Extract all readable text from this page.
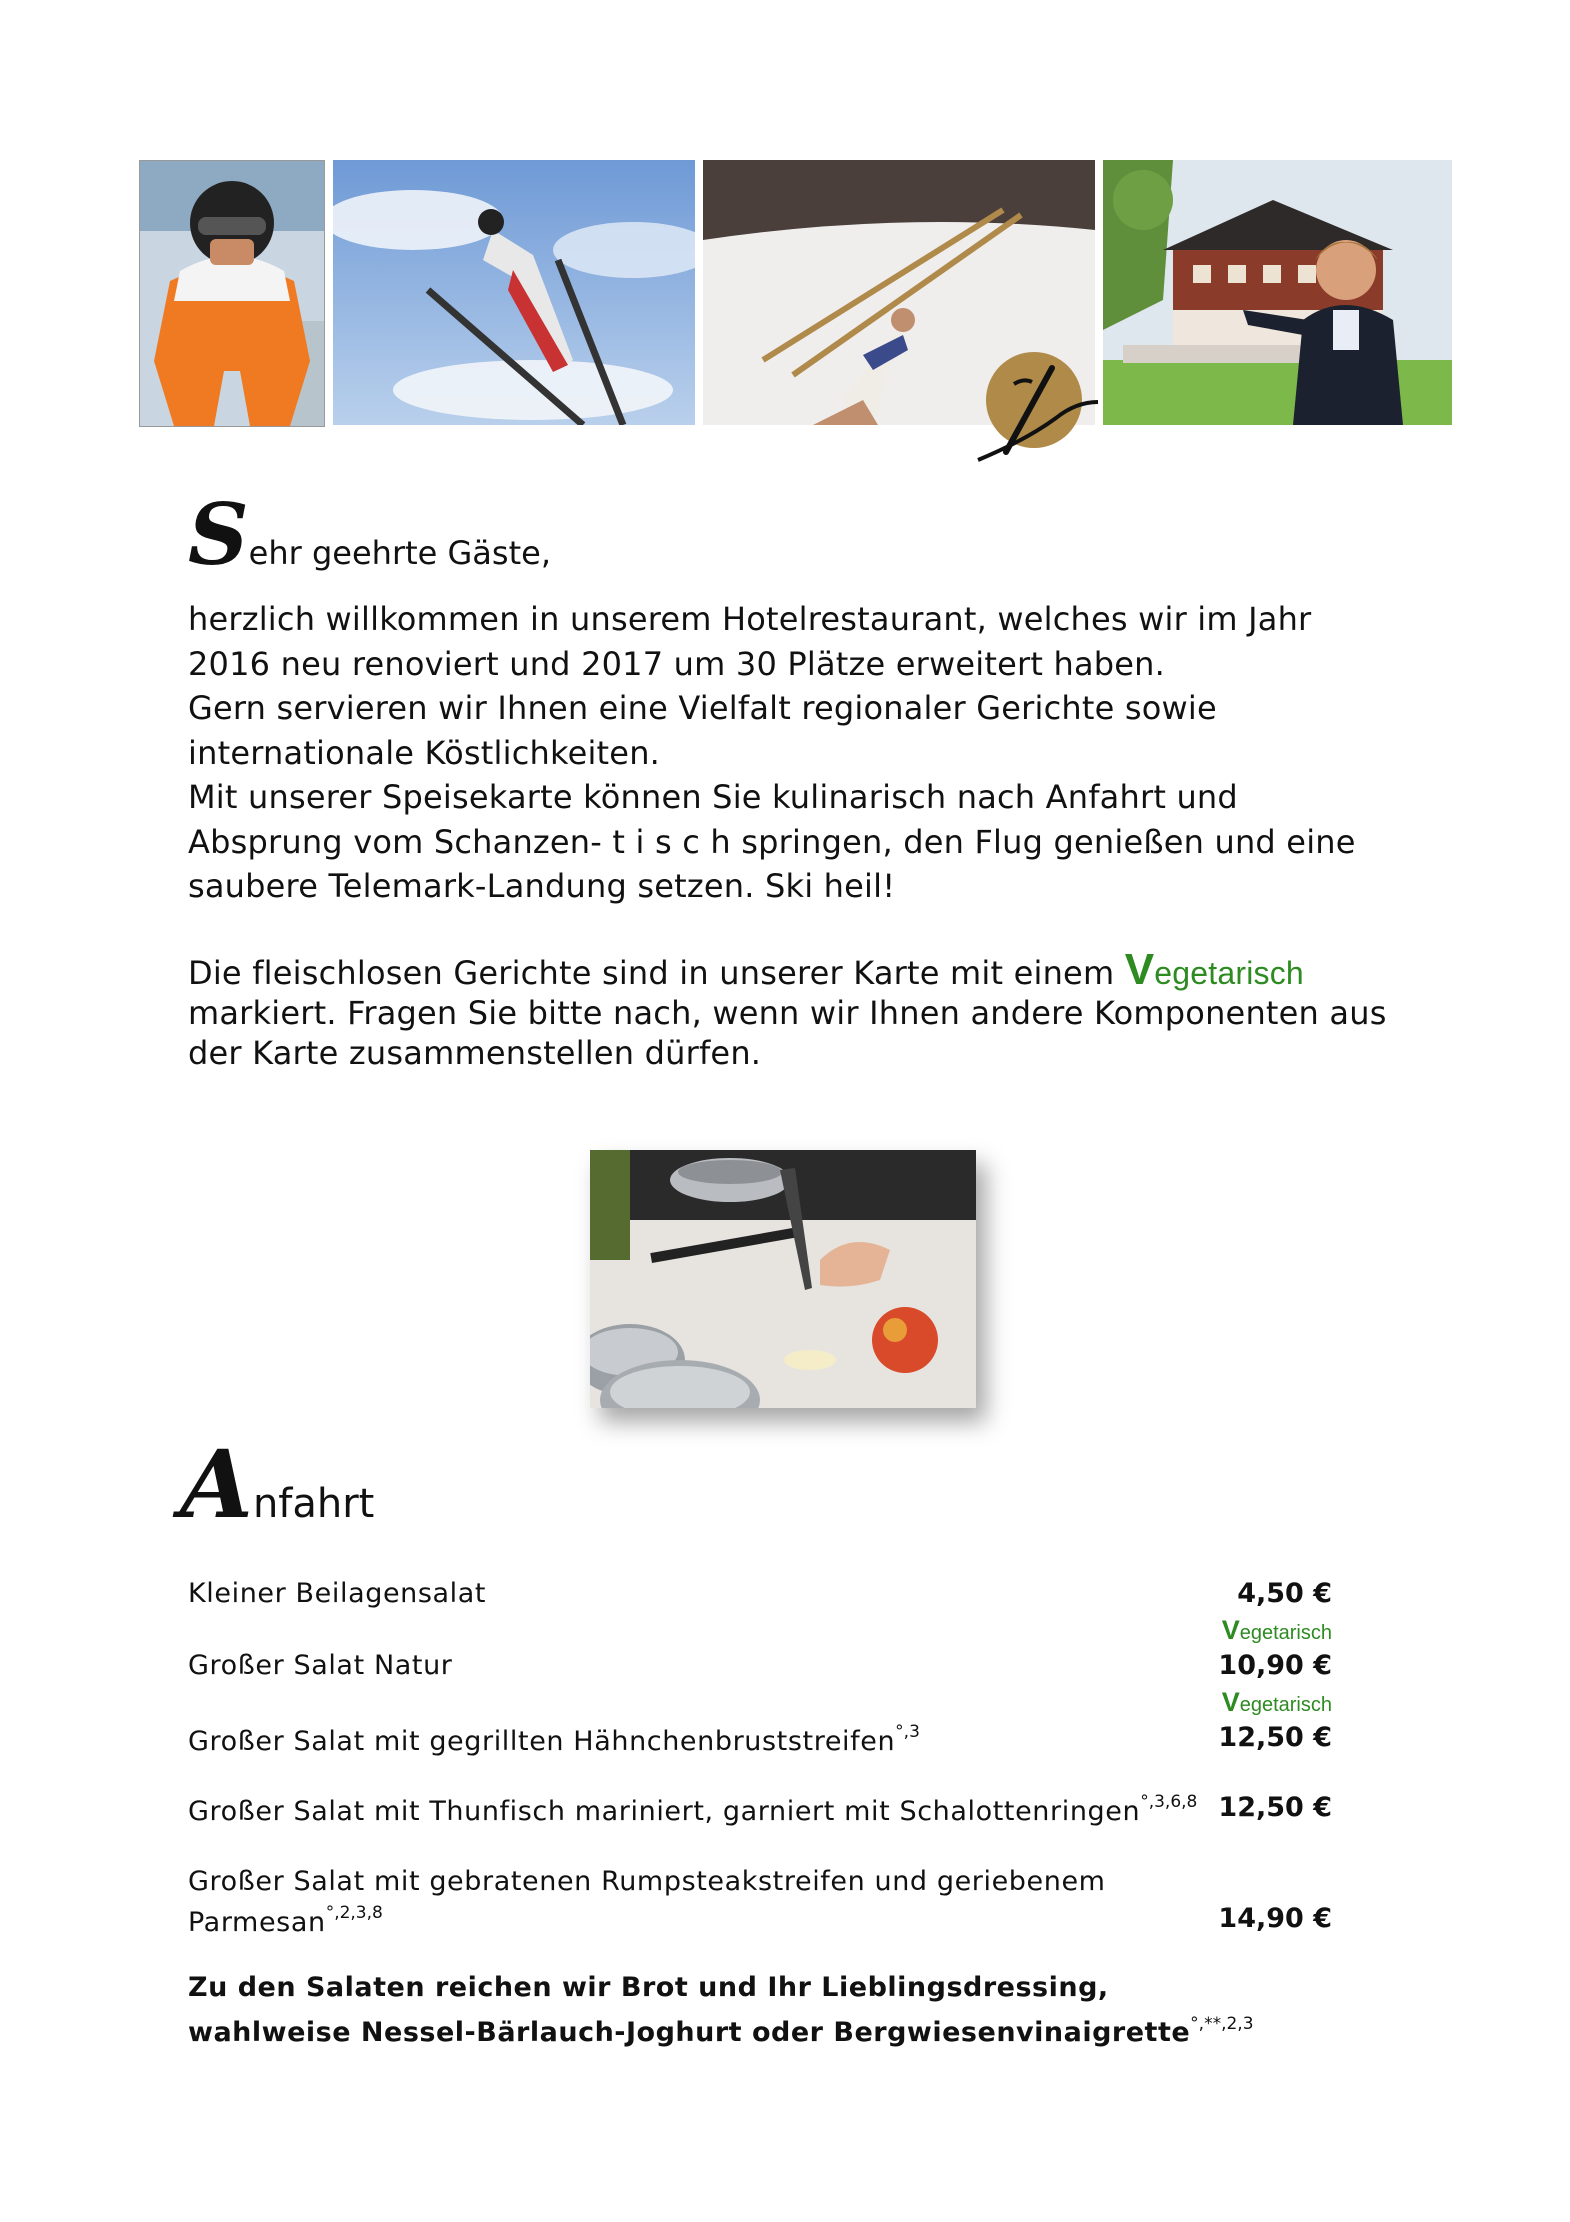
Sehr geehrte Gäste,

herzlich willkommen in unserem Hotelrestaurant, welches wir im Jahr

2016 neu renoviert und 2017 um 30 Plätze erweitert haben.

Gern servieren wir Ihnen eine Vielfalt regionaler Gerichte sowie

internationale Köstlichkeiten.

Mit unserer Speisekarte können Sie kulinarisch nach Anfahrt und

Absprung vom Schanzen- t i s c h springen, den Flug genießen und eine

saubere Telemark-Landung setzen. Ski heil!

Die fleischlosen Gerichte sind in unserer Karte mit einem Vegetarisch
markiert. Fragen Sie bitte nach, wenn wir Ihnen andere Komponenten aus
der Karte zusammenstellen dürfen.
Anfahrt
Kleiner Beilagensalat	4,50 €
Vegetarisch
Großer Salat Natur	10,90 €
Vegetarisch
Großer Salat mit gegrillten Hähnchenbruststreifen$^{^\circ,3}$	12,50 €
Großer Salat mit Thunfisch mariniert, garniert mit Schalottenringen$^{^\circ,3,6,8}$ 12,50 €
Großer Salat mit gebratenen Rumpsteakstreifen und geriebenem
Parmesan$^{^\circ,2,3,8}$	14,90 €
Zu den Salaten reichen wir Brot und Ihr Lieblingsdressing,
wahlweise Nessel-Bärlauch-Joghurt oder Bergwiesenvinaigrette$^{^\circ,**,2,3}$
